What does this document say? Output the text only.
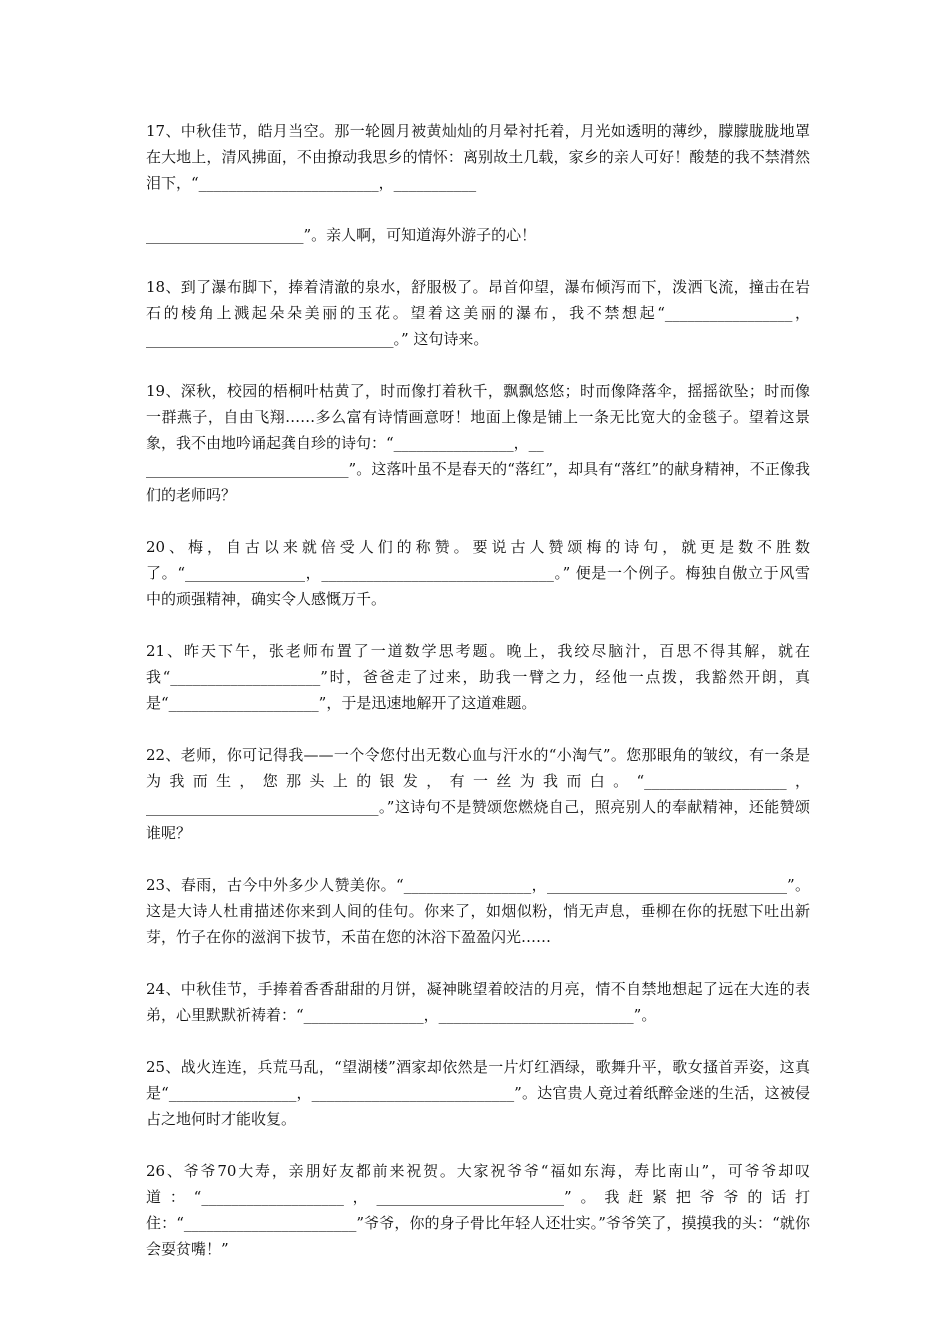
17、中秋佳节，皓月当空。那一轮圆月被黄灿灿的月晕衬托着，月光如透明的薄纱，朦朦胧胧地罩在大地上，清风拂面，不由撩动我思乡的情怀：离别故土几载，家乡的亲人可好！酸楚的我不禁潸然泪下，“________________________，___________

_____________________”。亲人啊，可知道海外游子的心！

18、到了瀑布脚下，捧着清澈的泉水，舒服极了。昂首仰望，瀑布倾泻而下，泼洒飞流，撞击在岩石的棱角上溅起朵朵美丽的玉花。望着这美丽的瀑布，我不禁想起“_________________，_________________________________。” 这句诗来。

19、深秋，校园的梧桐叶枯黄了，时而像打着秋千，飘飘悠悠；时而像降落伞，摇摇欲坠；时而像一群燕子，自由飞翔……多么富有诗情画意呀！地面上像是铺上一条无比宽大的金毯子。望着这景象，我不由地吟诵起龚自珍的诗句：“________________，__
___________________________”。这落叶虽不是春天的“落红”，却具有“落红”的献身精神，不正像我们的老师吗？

20、梅，自古以来就倍受人们的称赞。要说古人赞颂梅的诗句，就更是数不胜数了。“________________，_______________________________。” 便是一个例子。梅独自傲立于风雪中的顽强精神，确实令人感慨万千。

21、昨天下午，张老师布置了一道数学思考题。晚上，我绞尽脑汁，百思不得其解，就在我“____________________”时，爸爸走了过来，助我一臂之力，经他一点拨，我豁然开朗，真是“____________________”，于是迅速地解开了这道难题。

22、老师，你可记得我——一个令您付出无数心血与汗水的“小淘气”。您那眼角的皱纹，有一条是为我而生，您那头上的银发，有一丝为我而白。“___________________，_______________________________。”这诗句不是赞颂您燃烧自己，照亮别人的奉献精神，还能赞颂谁呢？

23、春雨，古今中外多少人赞美你。“_________________，________________________________”。这是大诗人杜甫描述你来到人间的佳句。你来了，如烟似粉，悄无声息，垂柳在你的抚慰下吐出新芽，竹子在你的滋润下拔节，禾苗在您的沐浴下盈盈闪光……

24、中秋佳节，手捧着香香甜甜的月饼，凝神眺望着皎洁的月亮，情不自禁地想起了远在大连的表弟，心里默默祈祷着：“________________，__________________________”。

25、战火连连，兵荒马乱，“望湖楼”酒家却依然是一片灯红酒绿，歌舞升平，歌女搔首弄姿，这真是“_________________，___________________________”。达官贵人竟过着纸醉金迷的生活，这被侵占之地何时才能收复。

26、爷爷70大寿，亲朋好友都前来祝贺。大家祝爷爷“福如东海，寿比南山”，可爷爷却叹道：“___________________，_________________________”。我赶紧把爷爷的话打住：“_______________________”爷爷，你的身子骨比年轻人还壮实。”爷爷笑了，摸摸我的头：“就你会耍贫嘴！”
